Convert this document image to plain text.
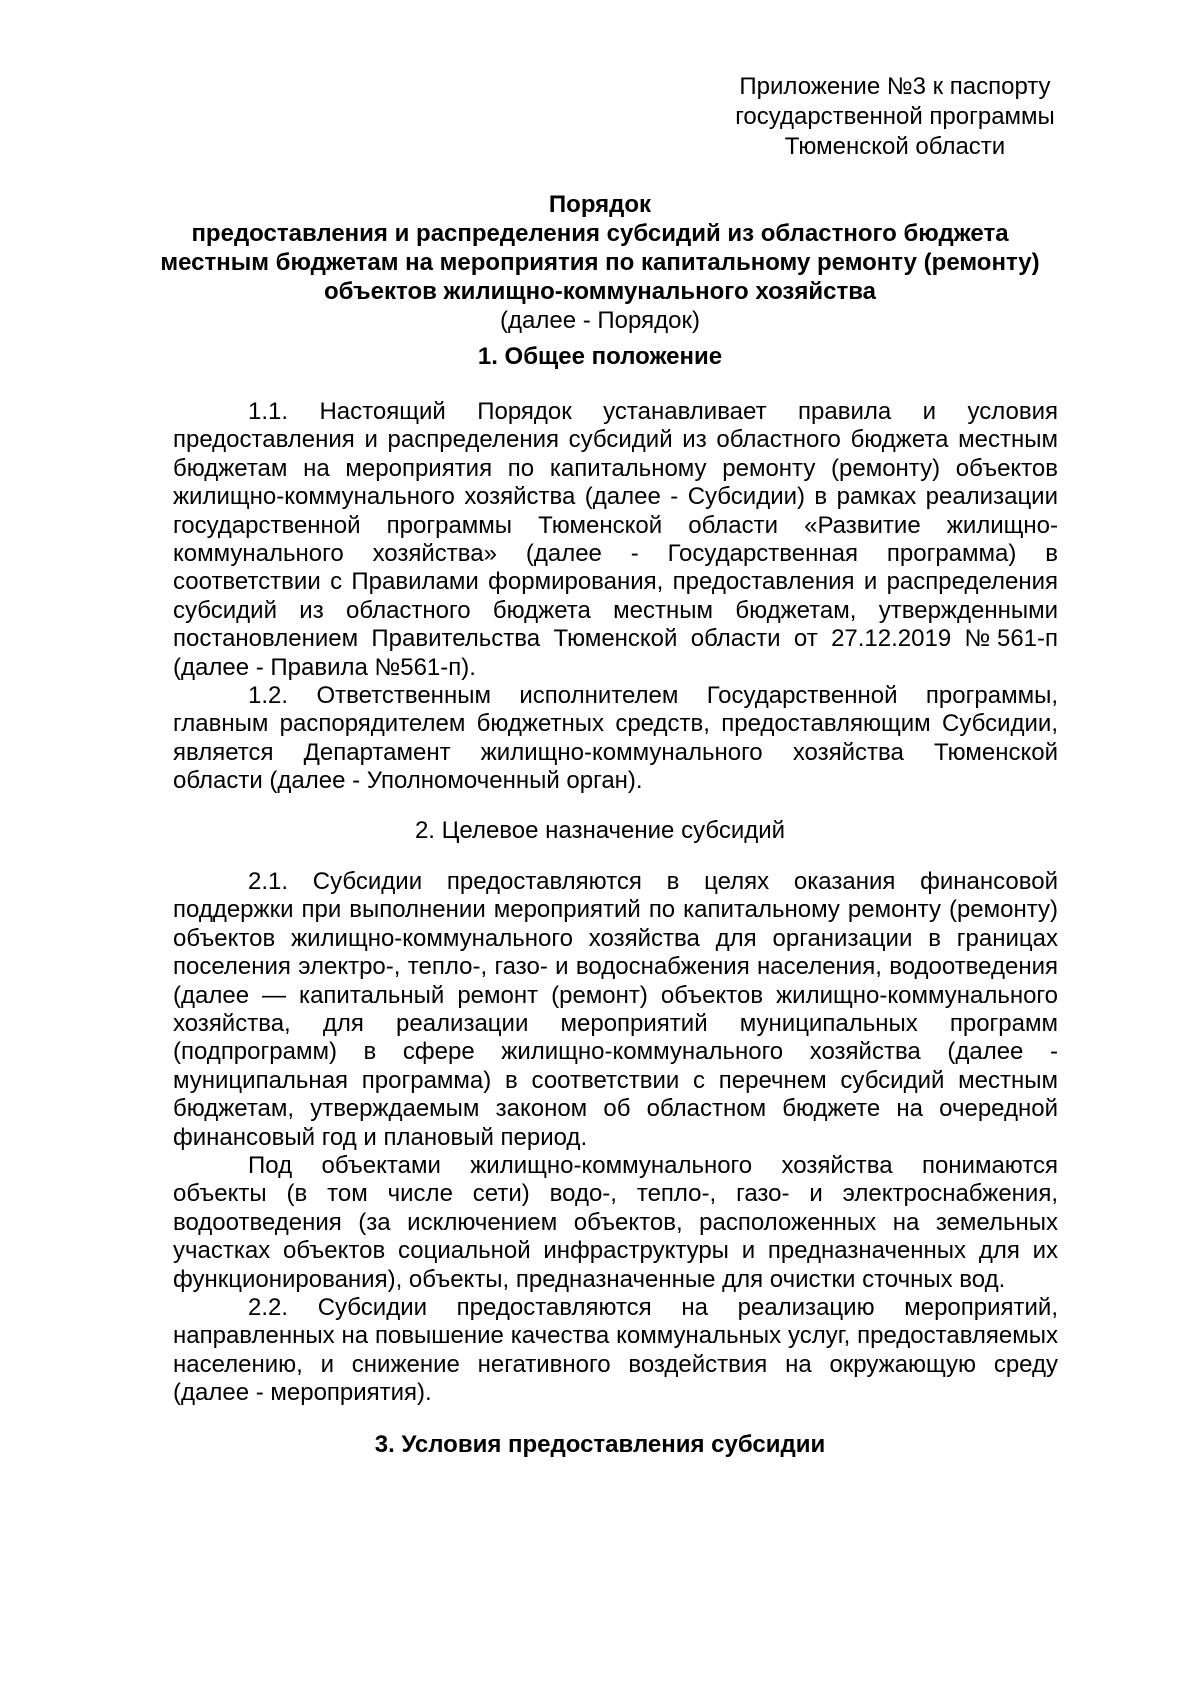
Приложение №3 к паспорту
государственной программы
Тюменской области
Порядок
предоставления и распределения субсидий из областного бюджета
местным бюджетам на мероприятия по капитальному ремонту (ремонту)
объектов жилищно-коммунального хозяйства
(далее - Порядок)
1. Общее положение
1.1. Настоящий Порядок устанавливает правила и условия предоставления и распределения субсидий из областного бюджета местным бюджетам на мероприятия по капитальному ремонту (ремонту) объектов жилищно-коммунального хозяйства (далее - Субсидии) в рамках реализации государственной программы Тюменской области «Развитие жилищно-коммунального хозяйства» (далее - Государственная программа) в соответствии с Правилами формирования, предоставления и распределения субсидий из областного бюджета местным бюджетам, утвержденными постановлением Правительства Тюменской области от 27.12.2019 №561-п (далее - Правила №561-п).
1.2. Ответственным исполнителем Государственной программы, главным распорядителем бюджетных средств, предоставляющим Субсидии, является Департамент жилищно-коммунального хозяйства Тюменской области (далее - Уполномоченный орган).
2. Целевое назначение субсидий
2.1. Субсидии предоставляются в целях оказания финансовой поддержки при выполнении мероприятий по капитальному ремонту (ремонту) объектов жилищно-коммунального хозяйства для организации в границах поселения электро-, тепло-, газо- и водоснабжения населения, водоотведения (далее — капитальный ремонт (ремонт) объектов жилищно-коммунального хозяйства, для реализации мероприятий муниципальных программ (подпрограмм) в сфере жилищно-коммунального хозяйства (далее - муниципальная программа) в соответствии с перечнем субсидий местным бюджетам, утверждаемым законом об областном бюджете на очередной финансовый год и плановый период.
Под объектами жилищно-коммунального хозяйства понимаются объекты (в том числе сети) водо-, тепло-, газо- и электроснабжения, водоотведения (за исключением объектов, расположенных на земельных участках объектов социальной инфраструктуры и предназначенных для их функционирования), объекты, предназначенные для очистки сточных вод.
2.2. Субсидии предоставляются на реализацию мероприятий, направленных на повышение качества коммунальных услуг, предоставляемых населению, и снижение негативного воздействия на окружающую среду (далее - мероприятия).
3. Условия предоставления субсидии
